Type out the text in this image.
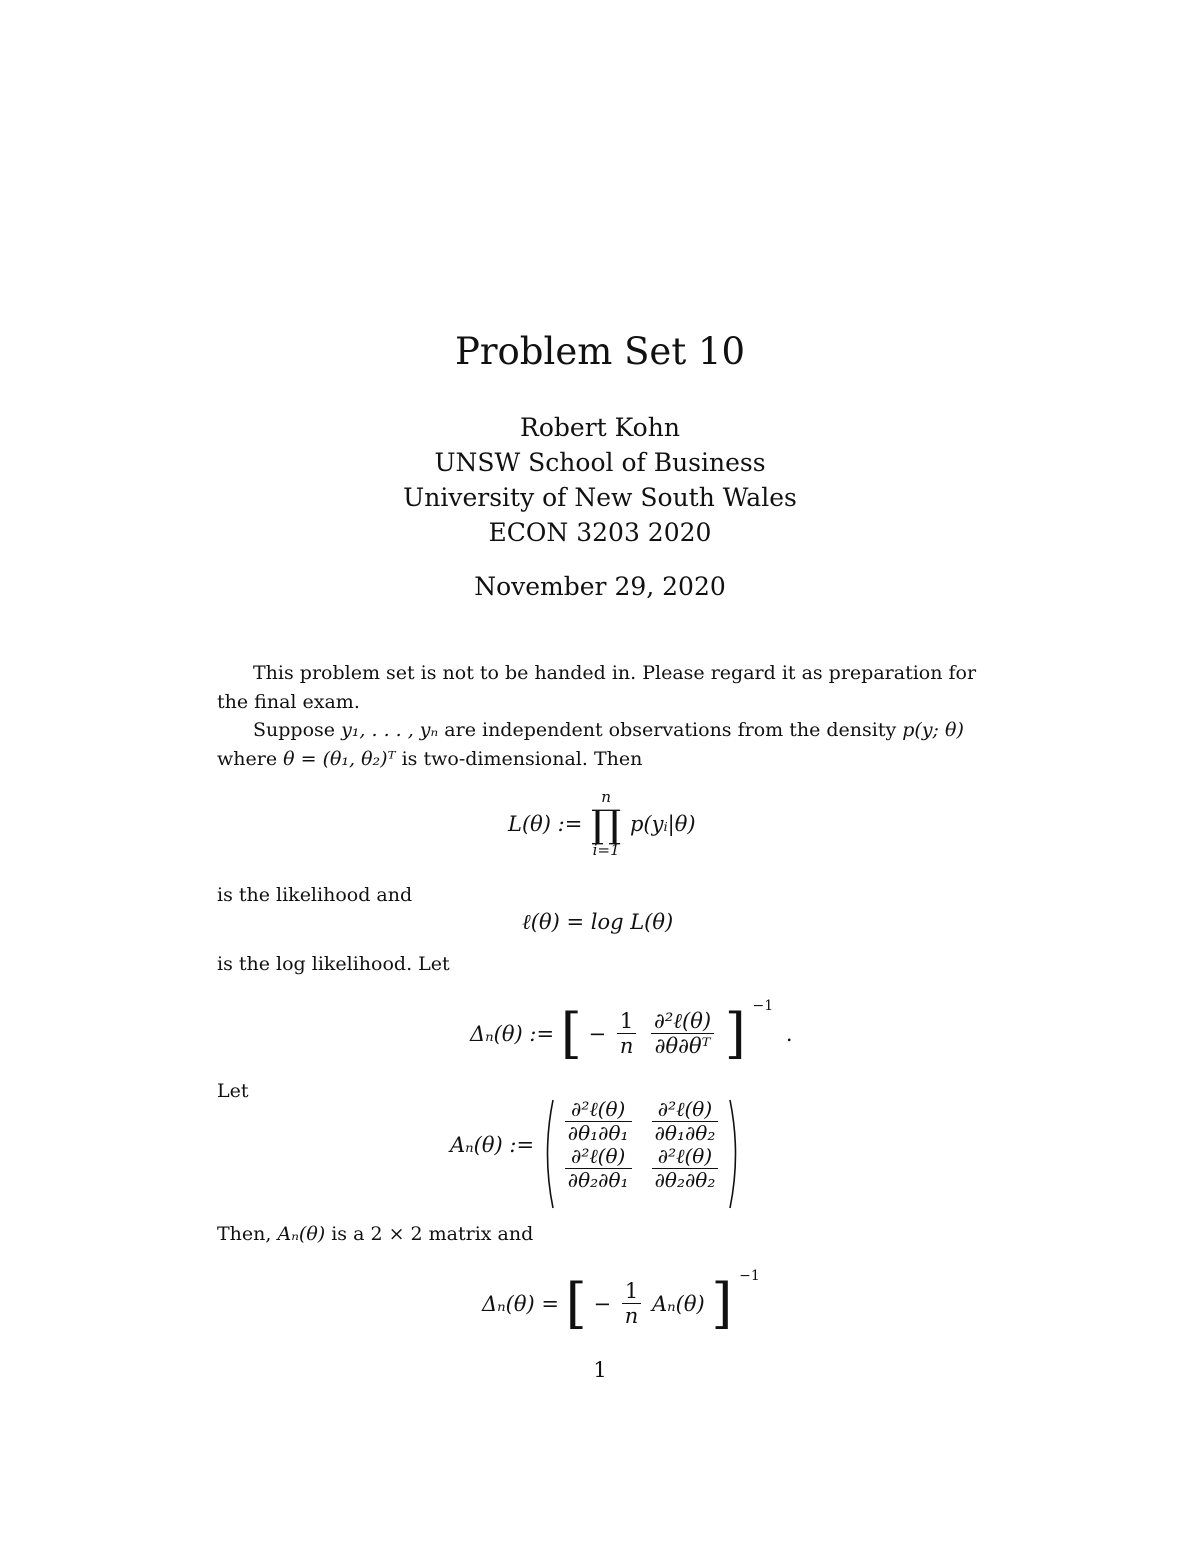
Problem Set 10
Robert Kohn
UNSW School of Business
University of New South Wales
ECON 3203 2020
November 29, 2020
This problem set is not to be handed in. Please regard it as preparation for the final exam.
Suppose y₁, . . . , yₙ are independent observations from the density p(y; θ) where θ = (θ₁, θ₂)ᵀ is two-dimensional. Then
L(θ) :=
n
∏
i=1
p(yᵢ|θ)
is the likelihood and
ℓ(θ) = log L(θ)
is the log likelihood. Let
Δₙ(θ) := [ − $\frac{1}{n}$
$\frac{\text{∂²ℓ(θ)}}{\text{∂θ∂θᵀ}}$ ] −1 .
Let
Aₙ(θ) := $\frac{\text{∂²ℓ(θ)}}{\text{∂θ₁∂θ₁}}$	$\frac{\text{∂²ℓ(θ)}}{\text{∂θ₁∂θ₂}}$

$\frac{\text{∂²ℓ(θ)}}{\text{∂θ₂∂θ₁}}$	$\frac{\text{∂²ℓ(θ)}}{\text{∂θ₂∂θ₂}}$
Then, Aₙ(θ) is a 2 × 2 matrix and
Δₙ(θ) = [ − $\frac{1}{n} A_n(\theta)$ ] −1
1
